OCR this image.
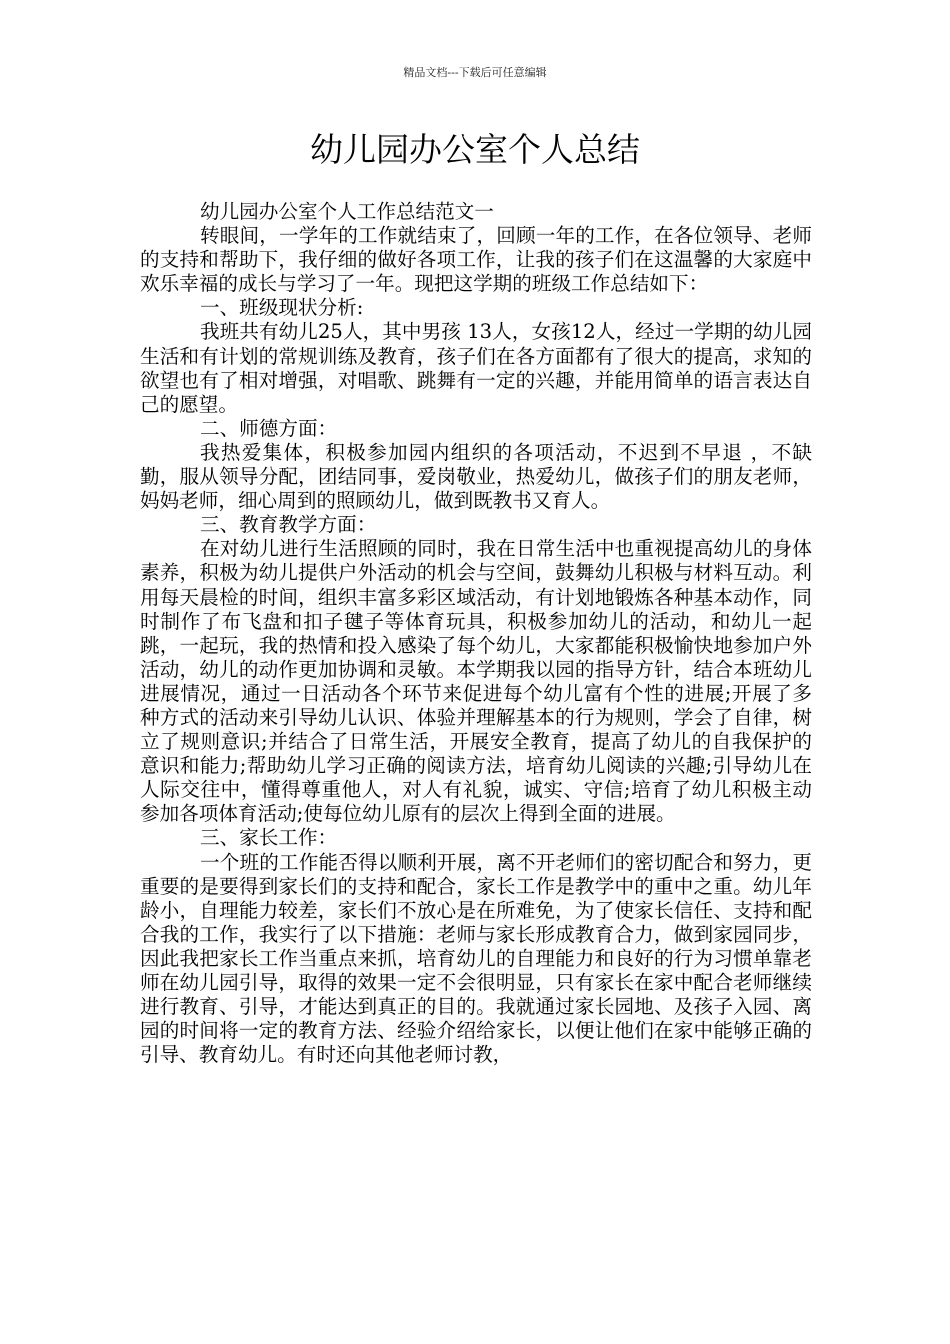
精品文档---下载后可任意编辑
幼儿园办公室个人总结

幼儿园办公室个人工作总结范文一

转眼间，一学年的工作就结束了，回顾一年的工作，在各位领导、老师的支持和帮助下，我仔细的做好各项工作，让我的孩子们在这温馨的大家庭中欢乐幸福的成长与学习了一年。现把这学期的班级工作总结如下：

一、班级现状分析:

我班共有幼儿25人，其中男孩 13人，女孩12人，经过一学期的幼儿园生活和有计划的常规训练及教育，孩子们在各方面都有了很大的提高，求知的欲望也有了相对增强，对唱歌、跳舞有一定的兴趣，并能用简单的语言表达自己的愿望。

二、师德方面：

我热爱集体，积极参加园内组织的各项活动，不迟到不早退 ，不缺勤，服从领导分配，团结同事，爱岗敬业，热爱幼儿，做孩子们的朋友老师，妈妈老师，细心周到的照顾幼儿，做到既教书又育人。

三、教育教学方面：

在对幼儿进行生活照顾的同时，我在日常生活中也重视提高幼儿的身体素养，积极为幼儿提供户外活动的机会与空间，鼓舞幼儿积极与材料互动。利用每天晨检的时间，组织丰富多彩区域活动，有计划地锻炼各种基本动作，同时制作了布飞盘和扣子毽子等体育玩具，积极参加幼儿的活动，和幼儿一起跳，一起玩，我的热情和投入感染了每个幼儿，大家都能积极愉快地参加户外活动，幼儿的动作更加协调和灵敏。本学期我以园的指导方针，结合本班幼儿进展情况，通过一日活动各个环节来促进每个幼儿富有个性的进展;开展了多种方式的活动来引导幼儿认识、体验并理解基本的行为规则，学会了自律，树立了规则意识;并结合了日常生活，开展安全教育，提高了幼儿的自我保护的意识和能力;帮助幼儿学习正确的阅读方法，培育幼儿阅读的兴趣;引导幼儿在人际交往中，懂得尊重他人，对人有礼貌，诚实、守信;培育了幼儿积极主动参加各项体育活动;使每位幼儿原有的层次上得到全面的进展。

三、家长工作：

一个班的工作能否得以顺利开展，离不开老师们的密切配合和努力，更重要的是要得到家长们的支持和配合，家长工作是教学中的重中之重。幼儿年龄小，自理能力较差，家长们不放心是在所难免，为了使家长信任、支持和配合我的工作，我实行了以下措施：老师与家长形成教育合力，做到家园同步，因此我把家长工作当重点来抓，培育幼儿的自理能力和良好的行为习惯单靠老师在幼儿园引导，取得的效果一定不会很明显，只有家长在家中配合老师继续进行教育、引导，才能达到真正的目的。我就通过家长园地、及孩子入园、离园的时间将一定的教育方法、经验介绍给家长，以便让他们在家中能够正确的引导、教育幼儿。有时还向其他老师讨教，
